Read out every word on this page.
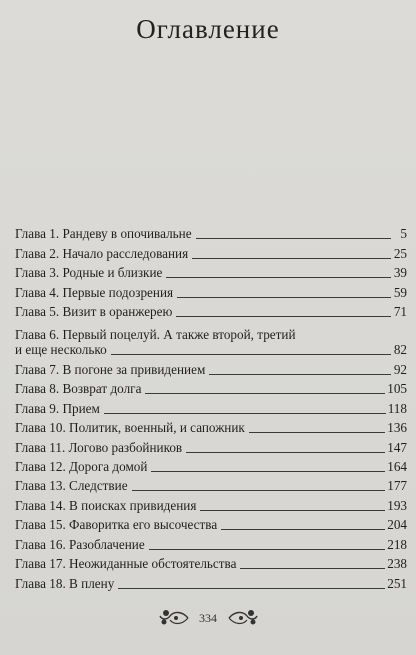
Оглавление
Глава 1. Рандеву в опочивальне	5
Глава 2. Начало расследования	25
Глава 3. Родные и близкие	39
Глава 4. Первые подозрения	59
Глава 5. Визит в оранжерею	71
Глава 6. Первый поцелуй. А также второй, третий
и еще несколько	82
Глава 7. В погоне за привидением	92
Глава 8. Возврат долга	105
Глава 9. Прием	118
Глава 10. Политик, военный, и сапожник	136
Глава 11. Логово разбойников	147
Глава 12. Дорога домой	164
Глава 13. Следствие	177
Глава 14. В поисках привидения	193
Глава 15. Фаворитка его высочества	204
Глава 16. Разоблачение	218
Глава 17. Неожиданные обстоятельства	238
Глава 18. В плену	251
334
